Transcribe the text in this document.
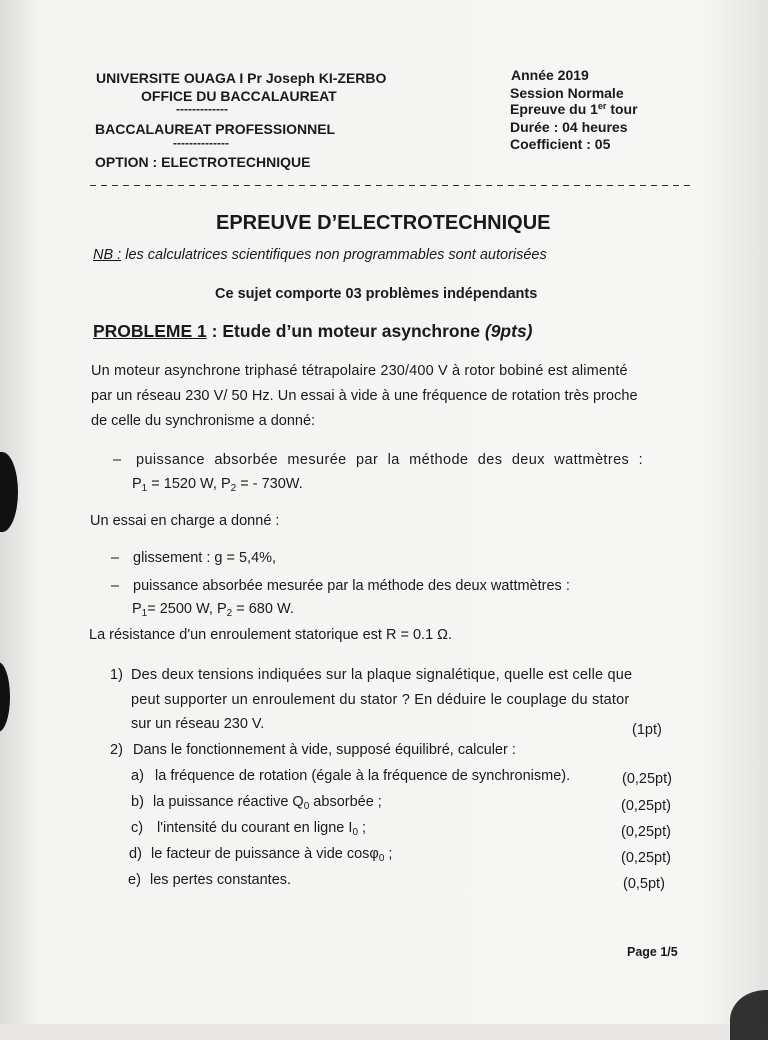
UNIVERSITE OUAGA I Pr Joseph KI-ZERBO
OFFICE DU BACCALAUREAT
-------------
BACCALAUREAT PROFESSIONNEL
--------------
OPTION : ELECTROTECHNIQUE
Année 2019
Session Normale
Epreuve du 1er tour
Durée : 04 heures
Coefficient : 05
EPREUVE D’ELECTROTECHNIQUE
NB : les calculatrices scientifiques non programmables sont autorisées
Ce sujet comporte 03 problèmes indépendants
PROBLEME 1 : Etude d’un moteur asynchrone (9pts)
Un moteur asynchrone triphasé tétrapolaire 230/400 V à rotor bobiné est alimenté
par un réseau 230 V/ 50 Hz. Un essai à vide à une fréquence de rotation très proche
de celle du synchronisme a donné:
– puissance absorbée mesurée par la méthode des deux wattmètres :
$P_1 = 1520$ W, $P_2$ = - 730W.
Un essai en charge a donné :
– glissement : g = 5,4%,
– puissance absorbée mesurée par la méthode des deux wattmètres :
$P_1= 2500$ W, $P_2 = 680$ W.
La résistance d'un enroulement statorique est R = 0.1 Ω.
1) Des deux tensions indiquées sur la plaque signalétique, quelle est celle que
peut supporter un enroulement du stator ? En déduire le couplage du stator
sur un réseau 230 V.	(1pt)
2) Dans le fonctionnement à vide, supposé équilibré, calculer :
a) la fréquence de rotation (égale à la fréquence de synchronisme).	(0,25pt)
b) la puissance réactive $Q_0$ absorbée ;	(0,25pt)
c) l'intensité du courant en ligne $I_0$ ;	(0,25pt)
d) le facteur de puissance à vide cosφ$_0$ ;	(0,25pt)
e) les pertes constantes.	(0,5pt)
Page 1/5
